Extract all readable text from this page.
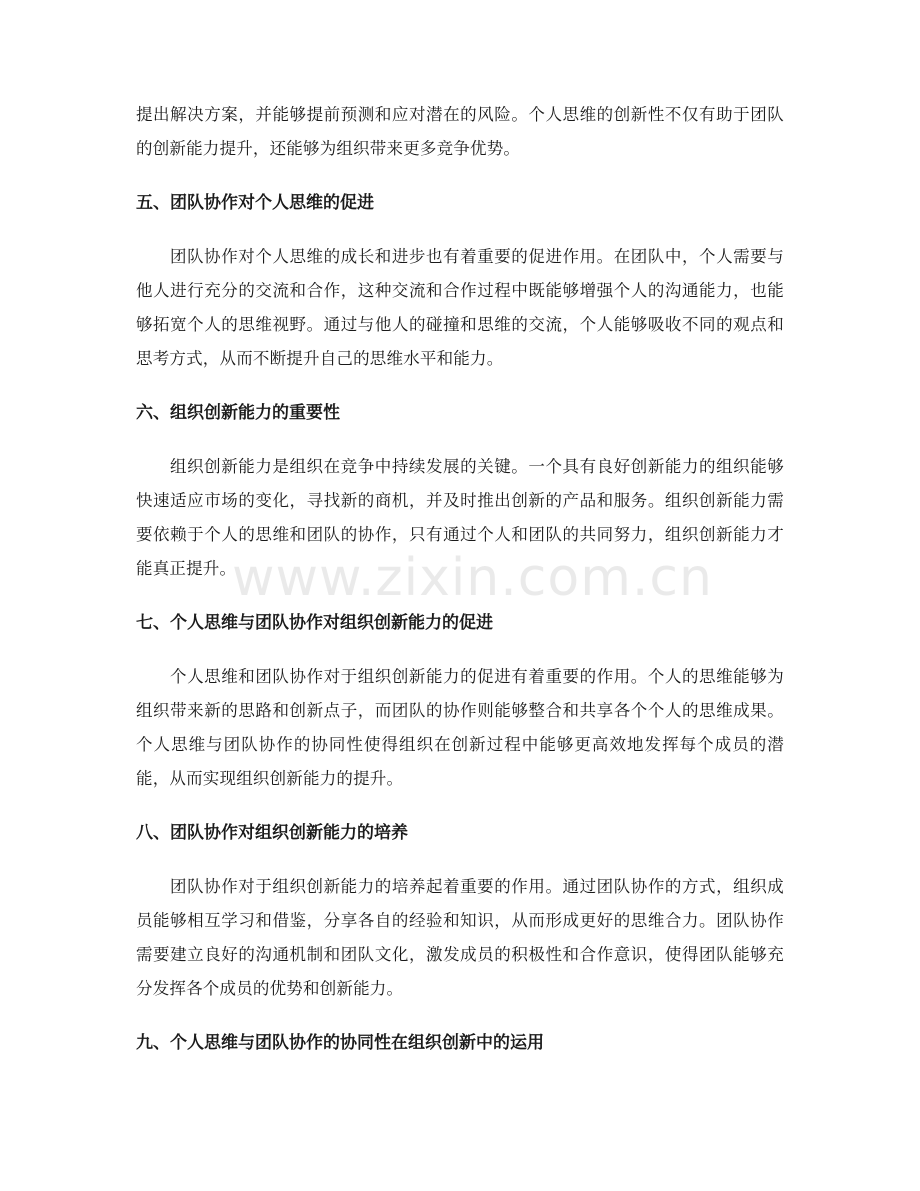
提出解决方案，并能够提前预测和应对潜在的风险。个人思维的创新性不仅有助于团队的创新能力提升，还能够为组织带来更多竞争优势。

五、团队协作对个人思维的促进

团队协作对个人思维的成长和进步也有着重要的促进作用。在团队中，个人需要与他人进行充分的交流和合作，这种交流和合作过程中既能够增强个人的沟通能力，也能够拓宽个人的思维视野。通过与他人的碰撞和思维的交流，个人能够吸收不同的观点和思考方式，从而不断提升自己的思维水平和能力。

六、组织创新能力的重要性

组织创新能力是组织在竞争中持续发展的关键。一个具有良好创新能力的组织能够快速适应市场的变化，寻找新的商机，并及时推出创新的产品和服务。组织创新能力需要依赖于个人的思维和团队的协作，只有通过个人和团队的共同努力，组织创新能力才能真正提升。

七、个人思维与团队协作对组织创新能力的促进

个人思维和团队协作对于组织创新能力的促进有着重要的作用。个人的思维能够为组织带来新的思路和创新点子，而团队的协作则能够整合和共享各个个人的思维成果。个人思维与团队协作的协同性使得组织在创新过程中能够更高效地发挥每个成员的潜能，从而实现组织创新能力的提升。

八、团队协作对组织创新能力的培养

团队协作对于组织创新能力的培养起着重要的作用。通过团队协作的方式，组织成员能够相互学习和借鉴，分享各自的经验和知识，从而形成更好的思维合力。团队协作需要建立良好的沟通机制和团队文化，激发成员的积极性和合作意识，使得团队能够充分发挥各个成员的优势和创新能力。

九、个人思维与团队协作的协同性在组织创新中的运用
www.zixin.com.cn
